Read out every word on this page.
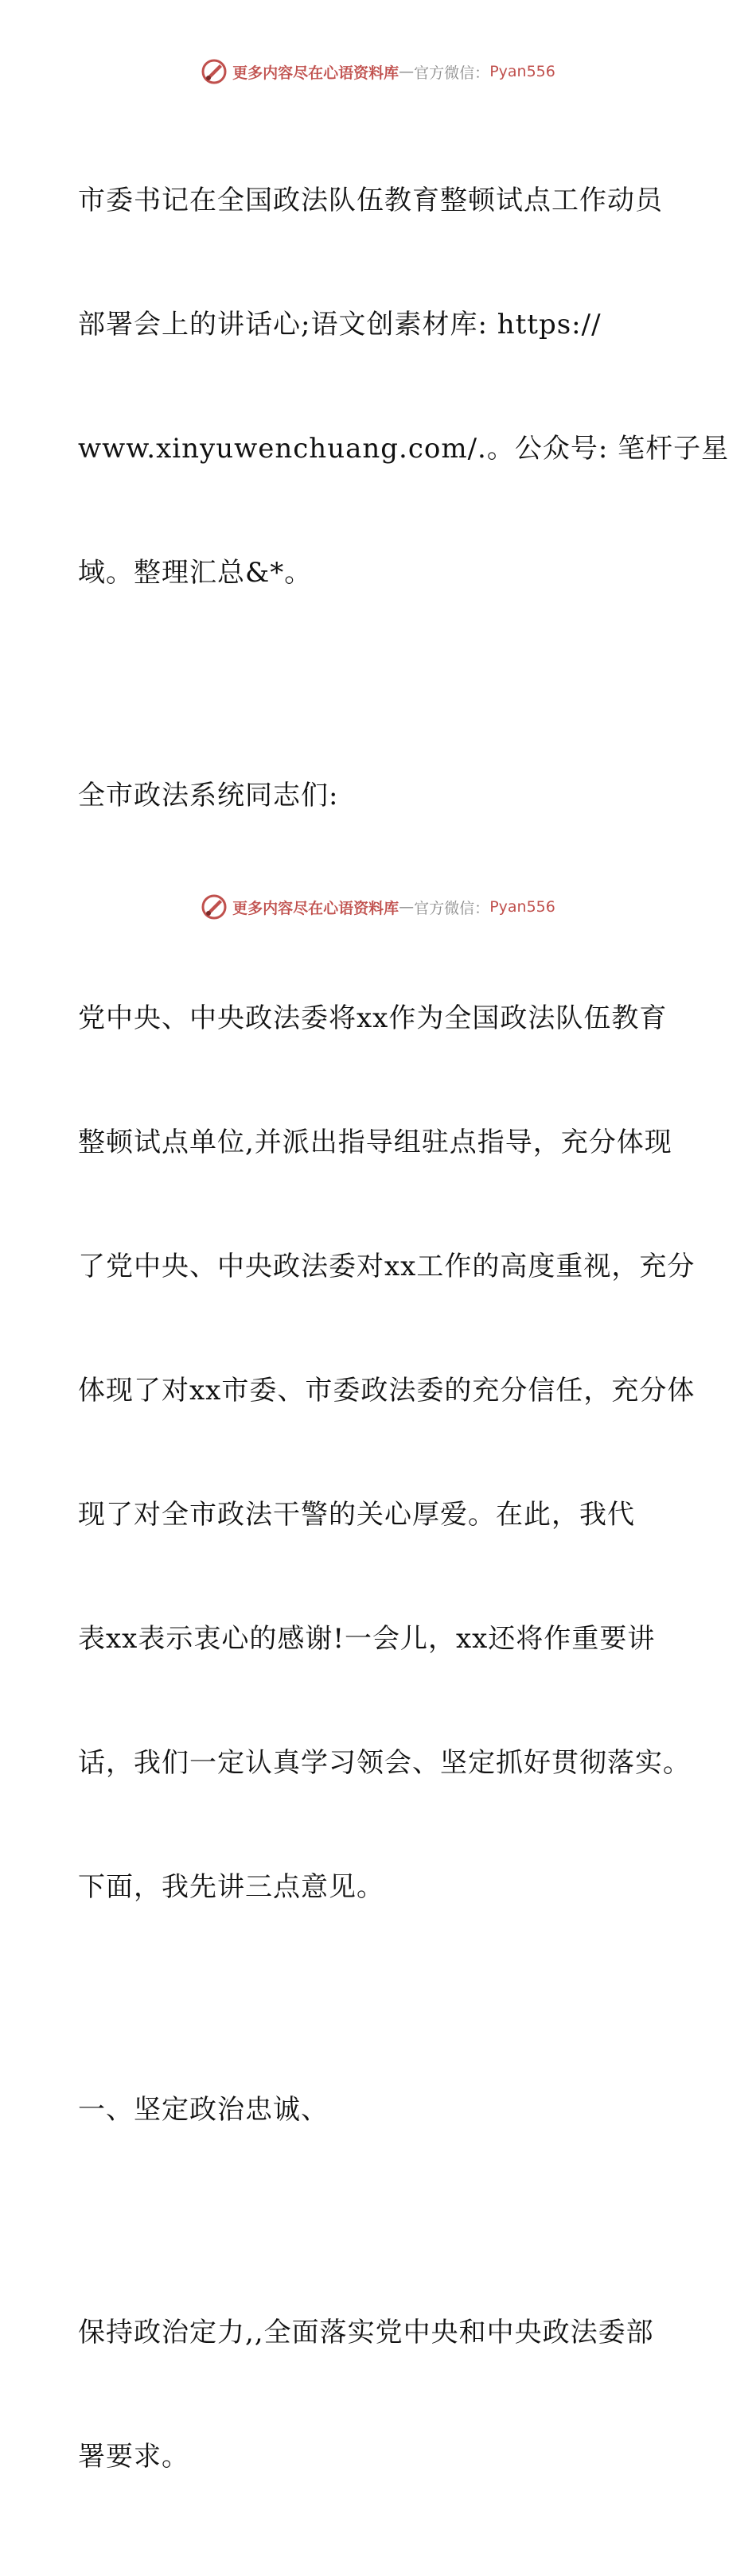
更多内容尽在心语资料库 — 官方微信： Pyan556

市委书记在全国政法队伍教育整顿试点工作动员

部署会上的讲话心;语文创素材库: https://

www.xinyuwenchuang.com/.。公众号: 笔杆子星

域。整理汇总&*。

全市政法系统同志们:

党中央、中央政法委将xx作为全国政法队伍教育

整顿试点单位,并派出指导组驻点指导，充分体现

了党中央、中央政法委对xx工作的高度重视，充分

体现了对xx市委、市委政法委的充分信任，充分体

现了对全市政法干警的关心厚爱。在此，我代

表xx表示衷心的感谢!一会儿，xx还将作重要讲

话，我们一定认真学习领会、坚定抓好贯彻落实。

下面，我先讲三点意见。

一、坚定政治忠诚、

保持政治定力,,全面落实党中央和中央政法委部

署要求。

更多内容尽在心语资料库 — 官方微信： Pyan556
